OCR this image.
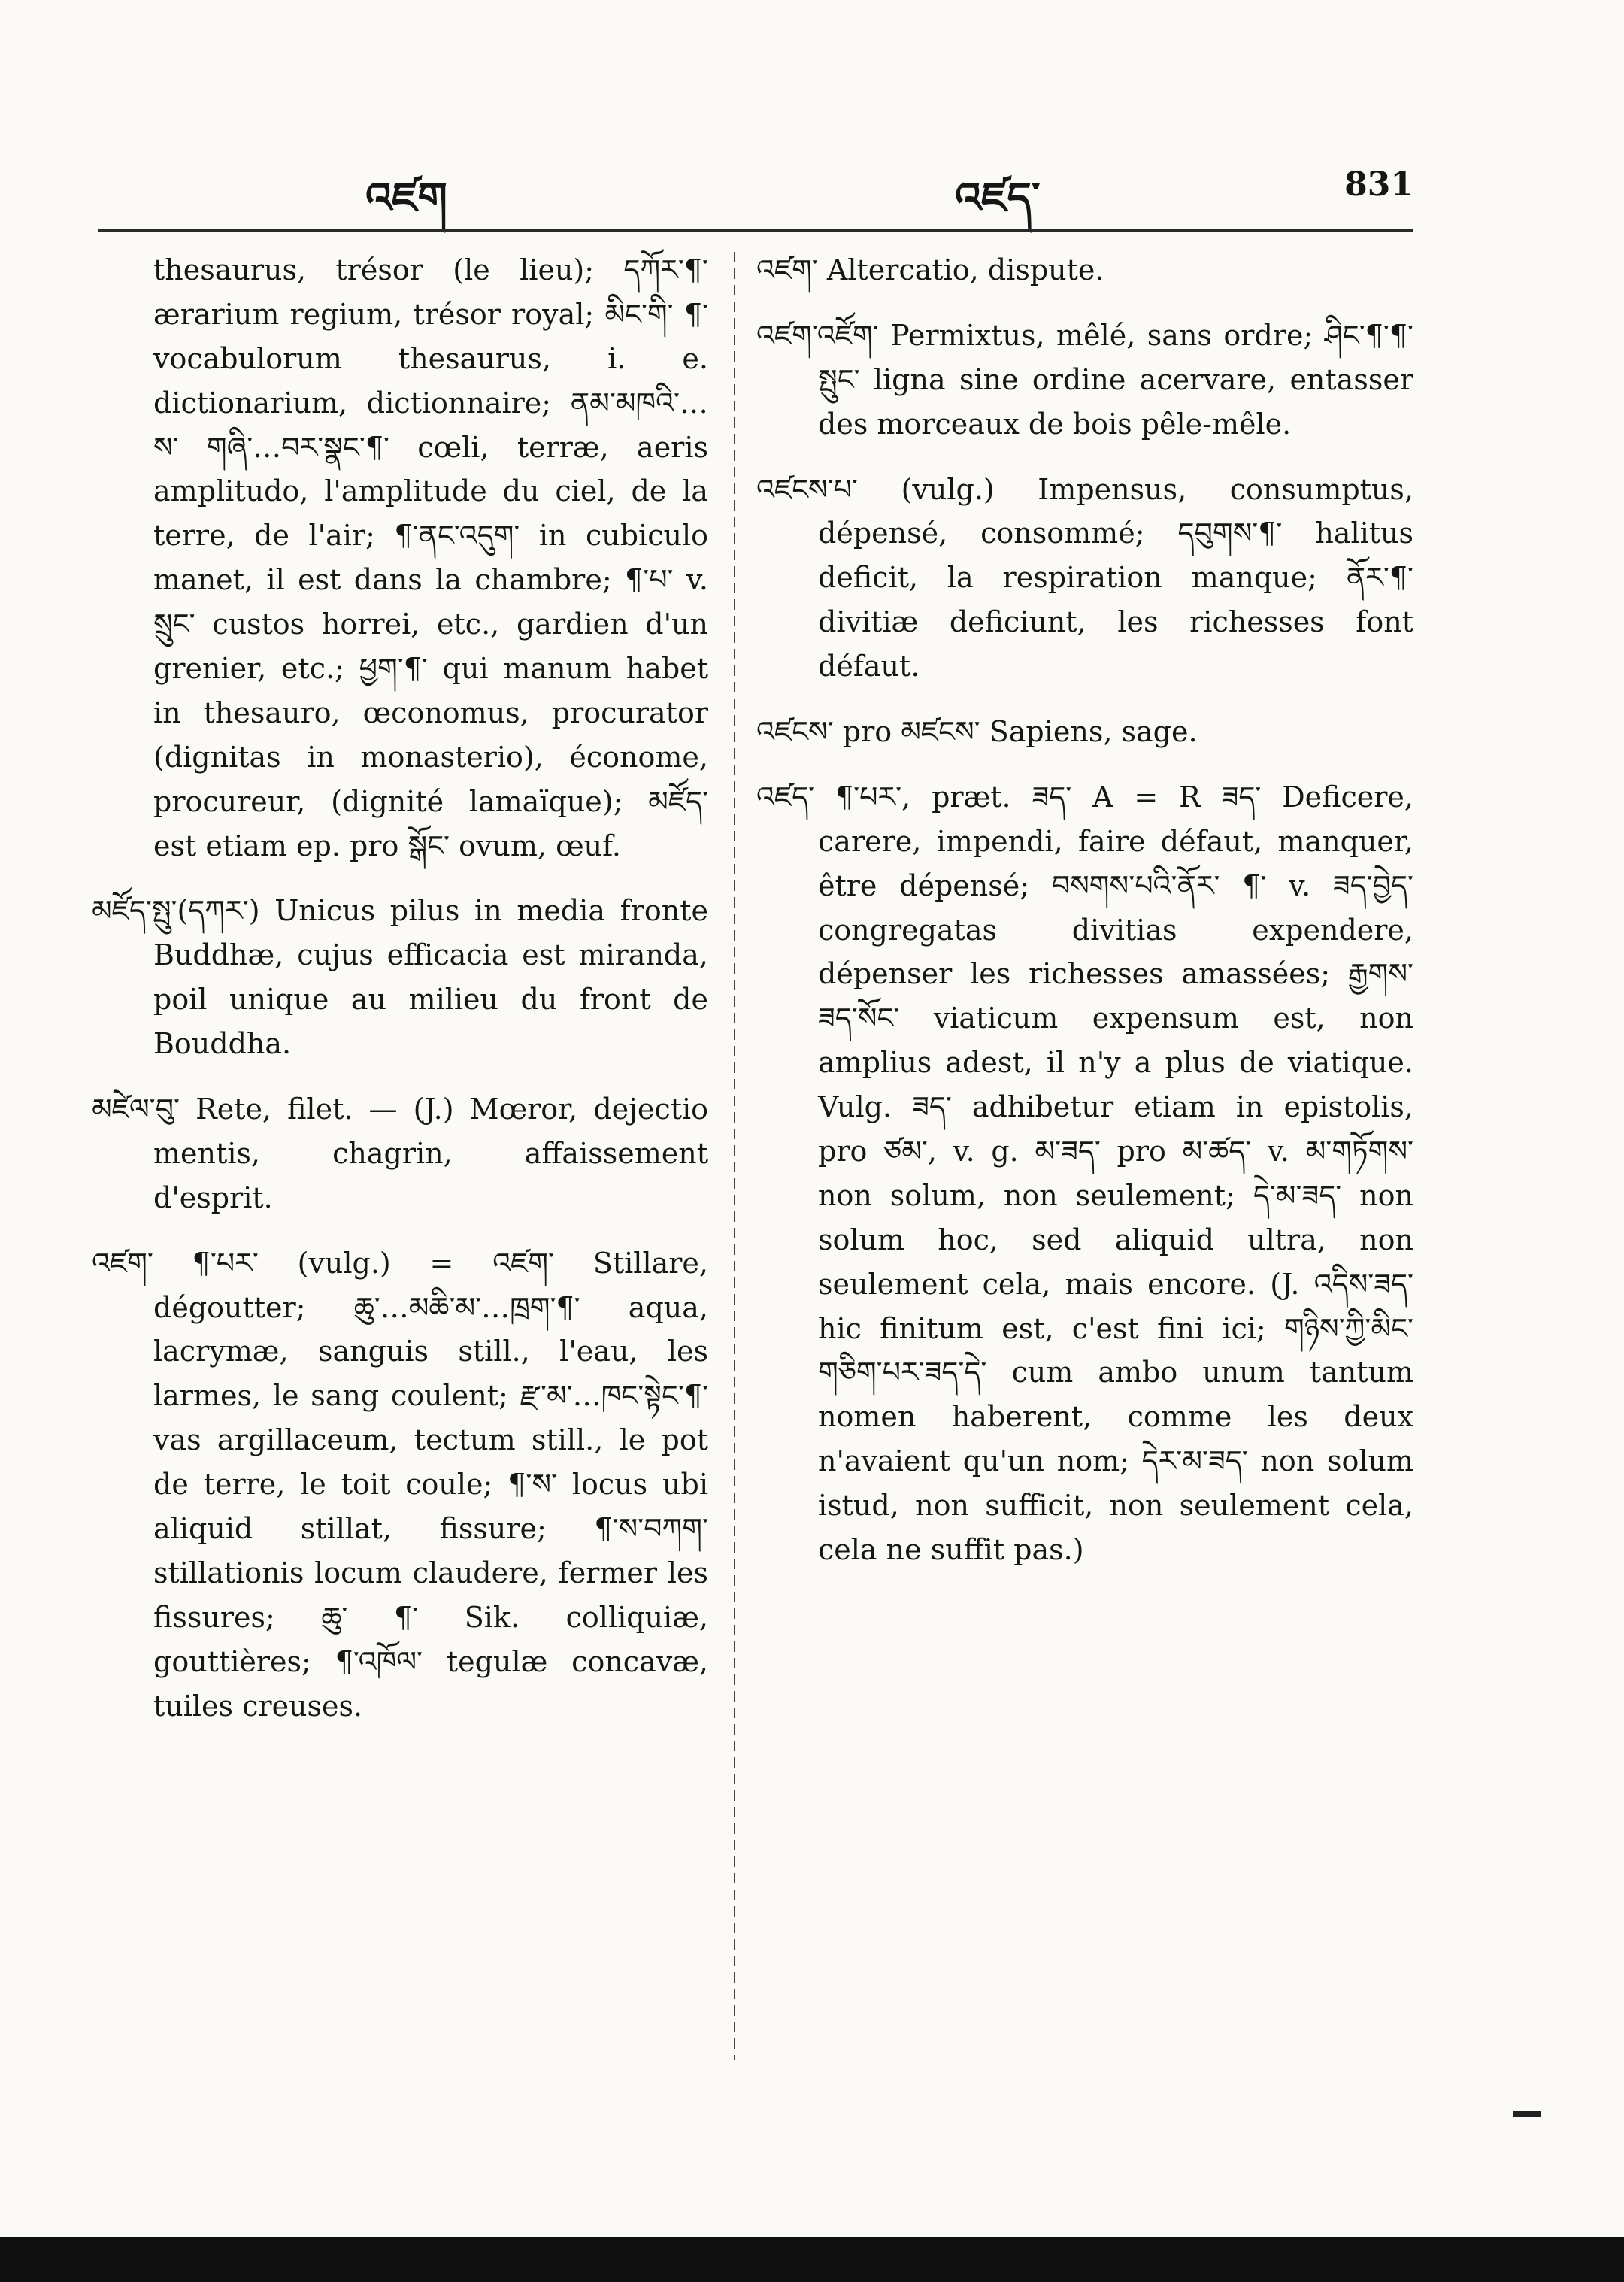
འཛག	འཛད་	831

thesaurus, trésor (le lieu); དཀོར་¶་ ærarium regium, trésor royal; མིང་གི་ ¶་ vocabulorum thesaurus, i. e. dictionarium, dictionnaire; ནམ་མཁའི་…ས་ གཞི་…བར་སྣང་¶་ cœli, terræ, aeris amplitudo, l'amplitude du ciel, de la terre, de l'air; ¶་ནང་འདུག་ in cubiculo manet, il est dans la chambre; ¶་པ་ v. སྲུང་ custos horrei, etc., gardien d'un grenier, etc.; ཕྱག་¶་ qui manum habet in thesauro, œconomus, procurator (dignitas in monasterio), économe, procureur, (dignité lamaïque); མཛོད་ est etiam ep. pro སྒོང་ ovum, œuf.

མཛོད་སྤུ་(དཀར་) Unicus pilus in media fronte Buddhæ, cujus efficacia est miranda, poil unique au milieu du front de Bouddha.

མཛེལ་བུ་ Rete, filet. — (J.) Mœror, dejectio mentis, chagrin, affaissement d'esprit.

འཛག་ ¶་པར་ (vulg.) = འཛག་ Stillare, dégoutter; ཆུ་…མཆི་མ་…ཁྲག་¶་ aqua, lacrymæ, sanguis still., l'eau, les larmes, le sang coulent; རྫ་མ་…ཁང་སྟེང་¶་ vas argillaceum, tectum still., le pot de terre, le toit coule; ¶་ས་ locus ubi aliquid stillat, fissure; ¶་ས་བཀག་ stillationis locum claudere, fermer les fissures; ཆུ་ ¶་ Sik. colliquiæ, gouttières; ¶་འཁོལ་ tegulæ concavæ, tuiles creuses.

འཛག་ Altercatio, dispute.

འཛག་འཛོག་ Permixtus, mêlé, sans ordre; ཤིང་¶་¶་སྤུང་ ligna sine ordine acervare, entasser des morceaux de bois pêle-mêle.

འཛངས་པ་ (vulg.) Impensus, consumptus, dépensé, consommé; དབུགས་¶་ halitus deficit, la respiration manque; ནོར་¶་ divitiæ deficiunt, les richesses font défaut.

འཛངས་ pro མཛངས་ Sapiens, sage.

འཛད་ ¶་པར་, præt. ཟད་ A = R ཟད་ Deficere, carere, impendi, faire défaut, manquer, être dépensé; བསགས་པའི་ནོར་ ¶་ v. ཟད་བྱེད་ congregatas divitias expendere, dépenser les richesses amassées; རྒྱགས་ཟད་སོང་ viaticum expensum est, non amplius adest, il n'y a plus de viatique. Vulg. ཟད་ adhibetur etiam in epistolis, pro ཙམ་, v. g. མ་ཟད་ pro མ་ཚད་ v. མ་གཏོགས་ non solum, non seulement; དེ་མ་ཟད་ non solum hoc, sed aliquid ultra, non seulement cela, mais encore. (J. འདིས་ཟད་ hic finitum est, c'est fini ici; གཉིས་ཀྱི་མིང་ གཅིག་པར་ཟད་དེ་ cum ambo unum tantum nomen haberent, comme les deux n'avaient qu'un nom; དེར་མ་ཟད་ non solum istud, non sufficit, non seulement cela, cela ne suffit pas.)
